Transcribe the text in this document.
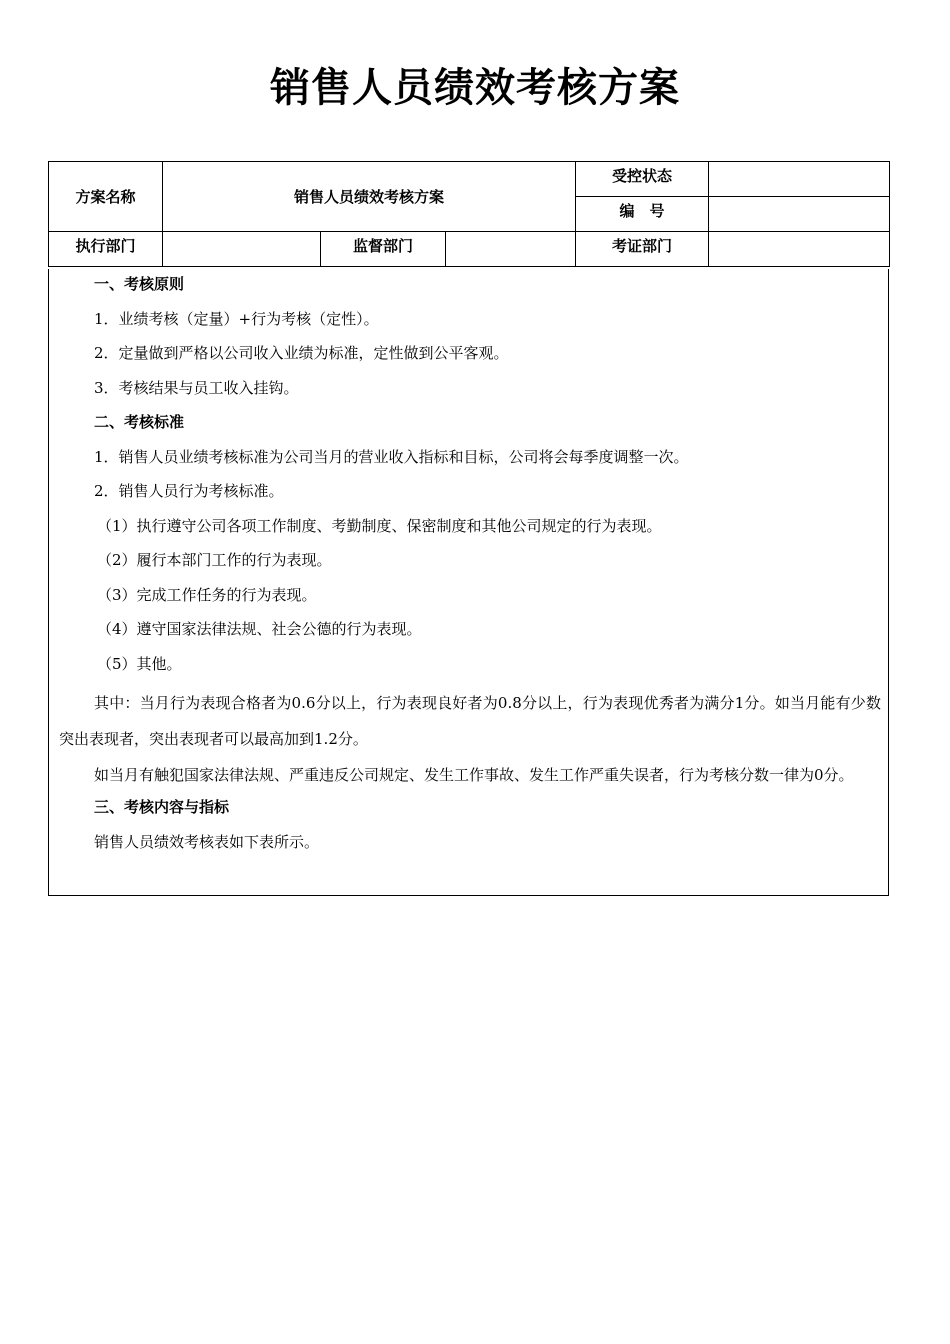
销售人员绩效考核方案
方案名称	销售人员绩效考核方案			受控状态	
				编　号	
执行部门		监督部门		考证部门	
一、考核原则
1．业绩考核（定量）+行为考核（定性）。
2．定量做到严格以公司收入业绩为标准，定性做到公平客观。
3．考核结果与员工收入挂钩。
二、考核标准
1．销售人员业绩考核标准为公司当月的营业收入指标和目标，公司将会每季度调整一次。
2．销售人员行为考核标准。
（1）执行遵守公司各项工作制度、考勤制度、保密制度和其他公司规定的行为表现。
（2）履行本部门工作的行为表现。
（3）完成工作任务的行为表现。
（4）遵守国家法律法规、社会公德的行为表现。
（5）其他。
其中：当月行为表现合格者为0.6分以上，行为表现良好者为0.8分以上，行为表现优秀者为满分1分。如当月能有少数突出表现者，突出表现者可以最高加到1.2分。
如当月有触犯国家法律法规、严重违反公司规定、发生工作事故、发生工作严重失误者，行为考核分数一律为0分。
三、考核内容与指标
销售人员绩效考核表如下表所示。
